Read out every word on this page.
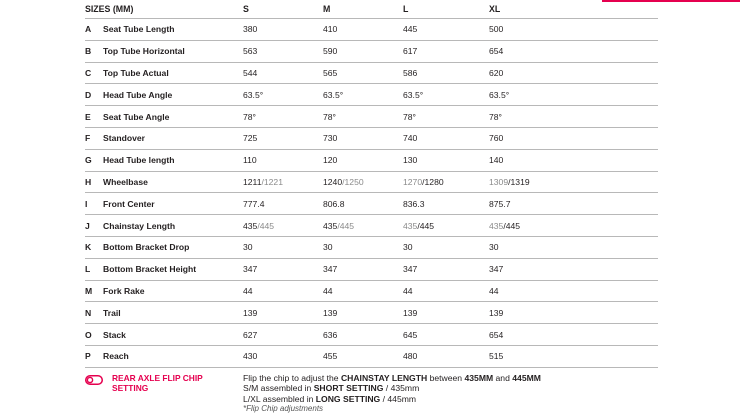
SIZES (MM)		S	M	L	XL
A	Seat Tube Length	380	410	445	500
B	Top Tube Horizontal	563	590	617	654
C	Top Tube Actual	544	565	586	620
D	Head Tube Angle	63.5°	63.5°	63.5°	63.5°
E	Seat Tube Angle	78°	78°	78°	78°
F	Standover	725	730	740	760
G	Head Tube length	110	120	130	140
H	Wheelbase	1211/1221	1240/1250	1270/1280	1309/1319
I	Front Center	777.4	806.8	836.3	875.7
J	Chainstay Length	435/445	435/445	435/445	435/445
K	Bottom Bracket Drop	30	30	30	30
L	Bottom Bracket Height	347	347	347	347
M	Fork Rake	44	44	44	44
N	Trail	139	139	139	139
O	Stack	627	636	645	654
P	Reach	430	455	480	515
REAR AXLE FLIP CHIP SETTING
Flip the chip to adjust the CHAINSTAY LENGTH between 435MM and 445MM
S/M assembled in SHORT SETTING / 435mm
L/XL assembled in LONG SETTING / 445mm
*Flip Chip adjustments
